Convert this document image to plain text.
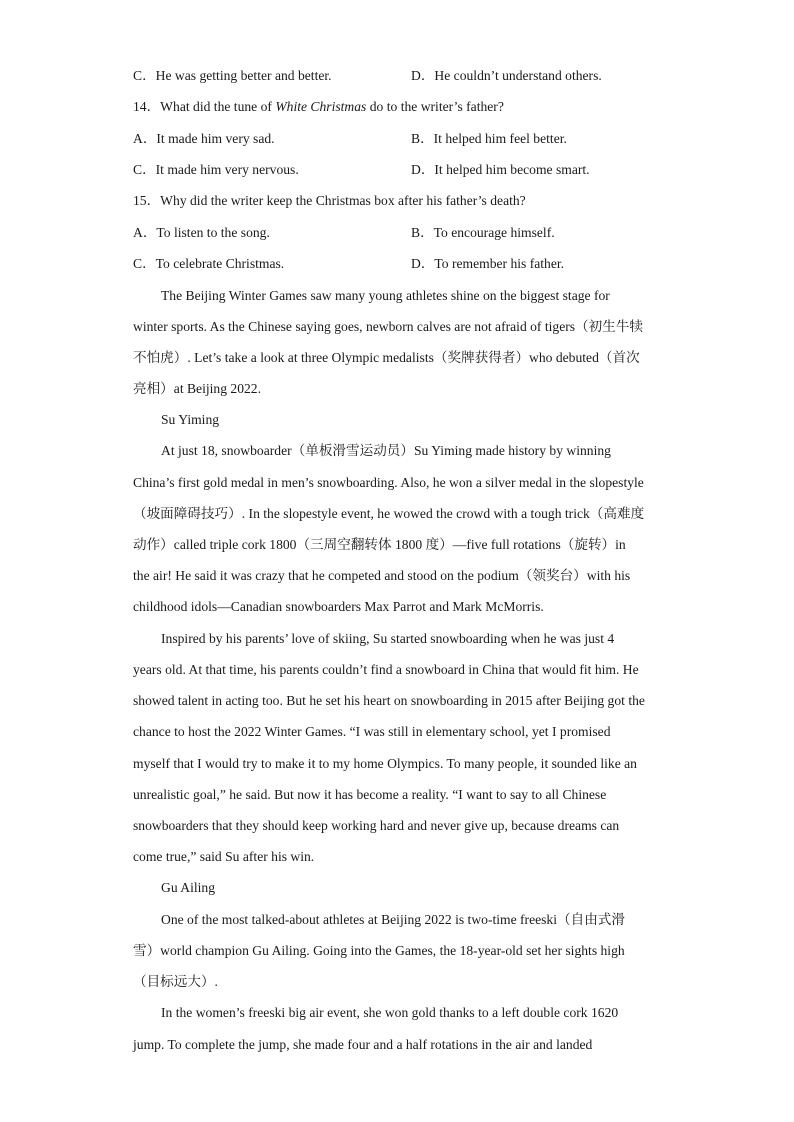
C．He was getting better and better.	D．He couldn’t understand others.
14．What did the tune of White Christmas do to the writer’s father?
A．It made him very sad.	B．It helped him feel better.
C．It made him very nervous.	D．It helped him become smart.
15．Why did the writer keep the Christmas box after his father’s death?
A．To listen to the song.	B．To encourage himself.
C．To celebrate Christmas.	D．To remember his father.
The Beijing Winter Games saw many young athletes shine on the biggest stage for
winter sports. As the Chinese saying goes, newborn calves are not afraid of tigers（初生牛犊
不怕虎）. Let’s take a look at three Olympic medalists（奖牌获得者）who debuted（首次
亮相）at Beijing 2022.
Su Yiming
At just 18, snowboarder（单板滑雪运动员）Su Yiming made history by winning
China’s first gold medal in men’s snowboarding. Also, he won a silver medal in the slopestyle
（坡面障碍技巧）. In the slopestyle event, he wowed the crowd with a tough trick（高难度
动作）called triple cork 1800（三周空翻转体 1800 度）—five full rotations（旋转）in
the air! He said it was crazy that he competed and stood on the podium（领奖台）with his
childhood idols—Canadian snowboarders Max Parrot and Mark McMorris.
Inspired by his parents’ love of skiing, Su started snowboarding when he was just 4
years old. At that time, his parents couldn’t find a snowboard in China that would fit him. He
showed talent in acting too. But he set his heart on snowboarding in 2015 after Beijing got the
chance to host the 2022 Winter Games. “I was still in elementary school, yet I promised
myself that I would try to make it to my home Olympics. To many people, it sounded like an
unrealistic goal,” he said. But now it has become a reality. “I want to say to all Chinese
snowboarders that they should keep working hard and never give up, because dreams can
come true,” said Su after his win.
Gu Ailing
One of the most talked-about athletes at Beijing 2022 is two-time freeski（自由式滑
雪）world champion Gu Ailing. Going into the Games, the 18-year-old set her sights high
（目标远大）.
In the women’s freeski big air event, she won gold thanks to a left double cork 1620
jump. To complete the jump, she made four and a half rotations in the air and landed
